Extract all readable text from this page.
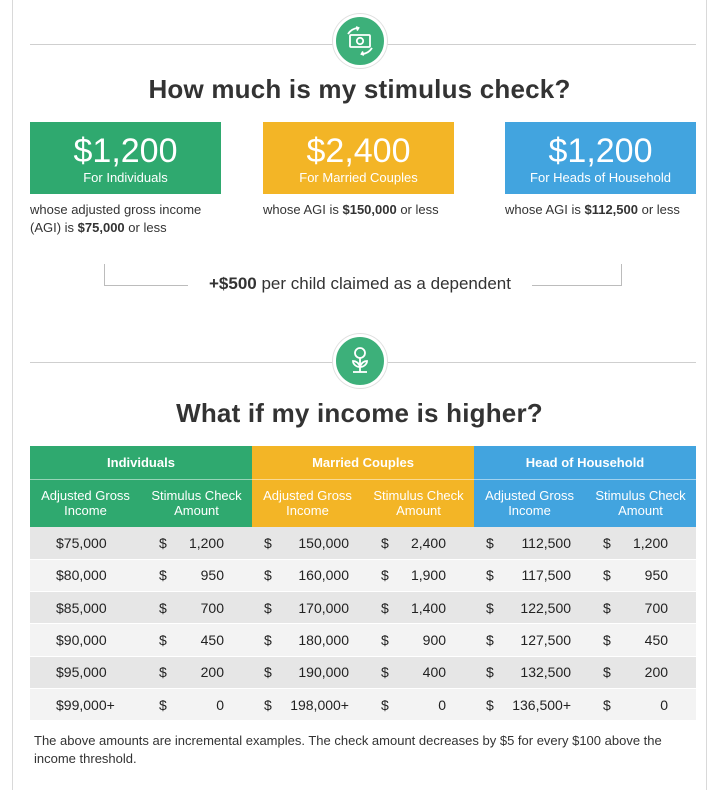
How much is my stimulus check?
$1,200
For Individuals
$2,400
For Married Couples
$1,200
For Heads of Household
whose adjusted gross income (AGI) is $75,000 or less
whose AGI is $150,000 or less	whose AGI is $112,500 or less
+$500 per child claimed as a dependent
What if my income is higher?
Individuals		Married Couples		Head of Household	
Adjusted Gross Income	Stimulus Check Amount	Adjusted Gross Income	Stimulus Check Amount	Adjusted Gross Income	Stimulus Check Amount

$75,000	$ 1,200	$ 150,000	$ 2,400	$ 112,500	$ 1,200

$80,000	$ 950	$ 160,000	$ 1,900	$ 117,500	$ 950

$85,000	$ 700	$ 170,000	$ 1,400	$ 122,500	$ 700

$90,000	$ 450	$ 180,000	$ 900	$ 127,500	$ 450

$95,000	$ 200	$ 190,000	$ 400	$ 132,500	$ 200

$99,000+	$ 0	$ 198,000+	$ 0	$ 136,500+	$ 0
The above amounts are incremental examples. The check amount decreases by $5 for every $100 above the income threshold.
